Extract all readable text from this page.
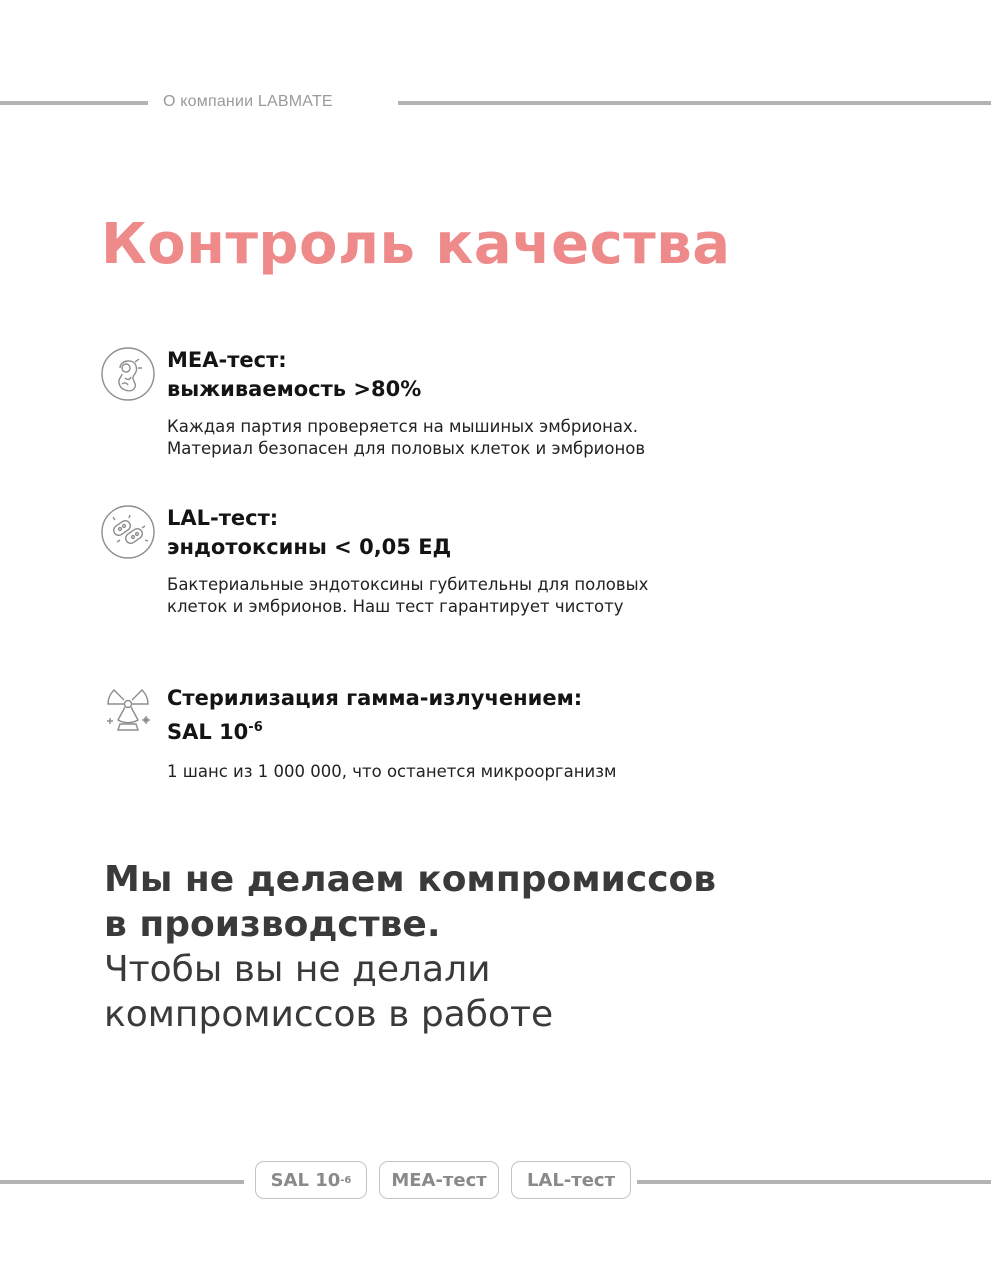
О компании LABMATE
Контроль качества
MEA-тест:
выживаемость >80%

Каждая партия проверяется на мышиных эмбрионах.
Материал безопасен для половых клеток и эмбрионов

LAL-тест:
эндотоксины < 0,05 ЕД

Бактериальные эндотоксины губительны для половых
клеток и эмбрионов. Наш тест гарантирует чистоту

Стерилизация гамма-излучением:
SAL $10^{-6}$

1 шанс из 1 000 000, что останется микроорганизм

Мы не делаем компромиссов
в производстве.
Чтобы вы не делали
компромиссов в работе
SAL 10 -6 MEA-тест LAL-тест
